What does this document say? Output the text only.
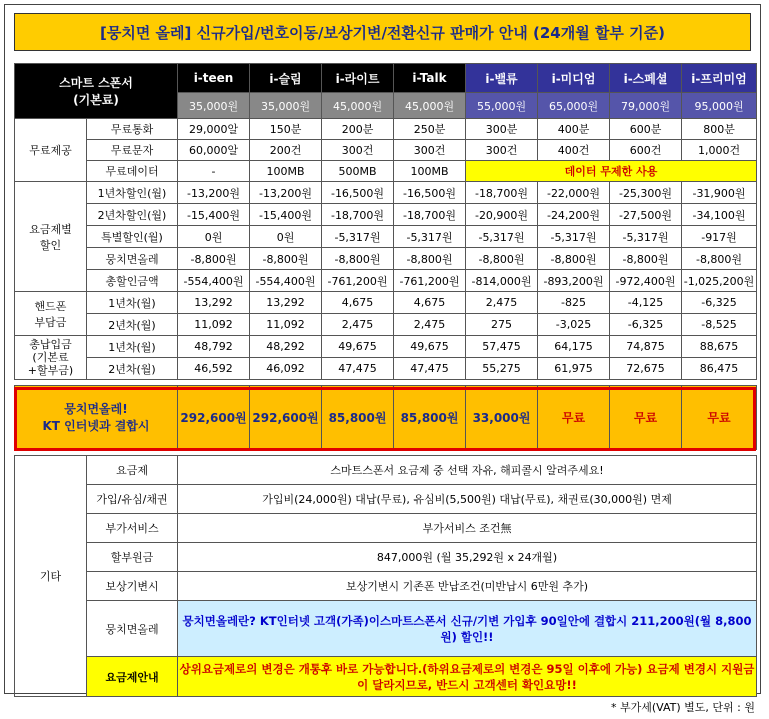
[뭉치면 올레] 신규가입/번호이동/보상기변/전환신규 판매가 안내 (24개월 할부 기준)
스마트 스폰서
(기본료)		i-teen	i-슬림	i-라이트	i-Talk	i-밸류	i-미디엄	i-스페셜	i-프리미엄
		35,000원	35,000원	45,000원	45,000원	55,000원	65,000원	79,000원	95,000원
무료제공	무료통화	29,000알	150분	200분	250분	300분	400분	600분	800분
	무료문자	60,000알	200건	300건	300건	300건	400건	600건	1,000건
	무료데이터	-	100MB	500MB	100MB	데이터 무제한 사용			
요금제별
할인	1년차할인(월)	-13,200원	-13,200원	-16,500원	-16,500원	-18,700원	-22,000원	-25,300원	-31,900원
	2년차할인(월)	-15,400원	-15,400원	-18,700원	-18,700원	-20,900원	-24,200원	-27,500원	-34,100원
	특별할인(월)	0원	0원	-5,317원	-5,317원	-5,317원	-5,317원	-5,317원	-917원
	뭉치면올레	-8,800원	-8,800원	-8,800원	-8,800원	-8,800원	-8,800원	-8,800원	-8,800원
	총할인금액	-554,400원	-554,400원	-761,200원	-761,200원	-814,000원	-893,200원	-972,400원	-1,025,200원
핸드폰
부담금	1년차(월)	13,292	13,292	4,675	4,675	2,475	-825	-4,125	-6,325
	2년차(월)	11,092	11,092	2,475	2,475	275	-3,025	-6,325	-8,525
총납입금
(기본료
+할부금)	1년차(월)	48,792	48,292	49,675	49,675	57,475	64,175	74,875	88,675
	2년차(월)	46,592	46,092	47,475	47,475	55,275	61,975	72,675	86,475

뭉치면올레!
KT 인터넷과 결합시		292,600원	292,600원	85,800원	85,800원	33,000원	무료	무료	무료

기타	요금제	스마트스폰서 요금제 중 선택 자유, 해피콜시 알려주세요!							
	가입/유심/채권	가입비(24,000원) 대납(무료), 유심비(5,500원) 대납(무료), 채권료(30,000원) 면제							
	부가서비스	부가서비스 조건無							
	할부원금	847,000원 (월 35,292원 x 24개월)							
	보상기변시	보상기변시 기존폰 반납조건(미반납시 6만원 추가)							
	뭉치면올레	뭉치면올레란? KT인터넷 고객(가족)이스마트스폰서 신규/기변 가입후 90일안에 결합시 211,200원(월 8,800원) 할인!!							
	요금제안내	상위요금제로의 변경은 개통후 바로 가능합니다.(하위요금제로의 변경은 95일 이후에 가능) 요금제 변경시 지원금이 달라지므로, 반드시 고객센터 확인요망!!							
* 부가세(VAT) 별도, 단위 : 원
